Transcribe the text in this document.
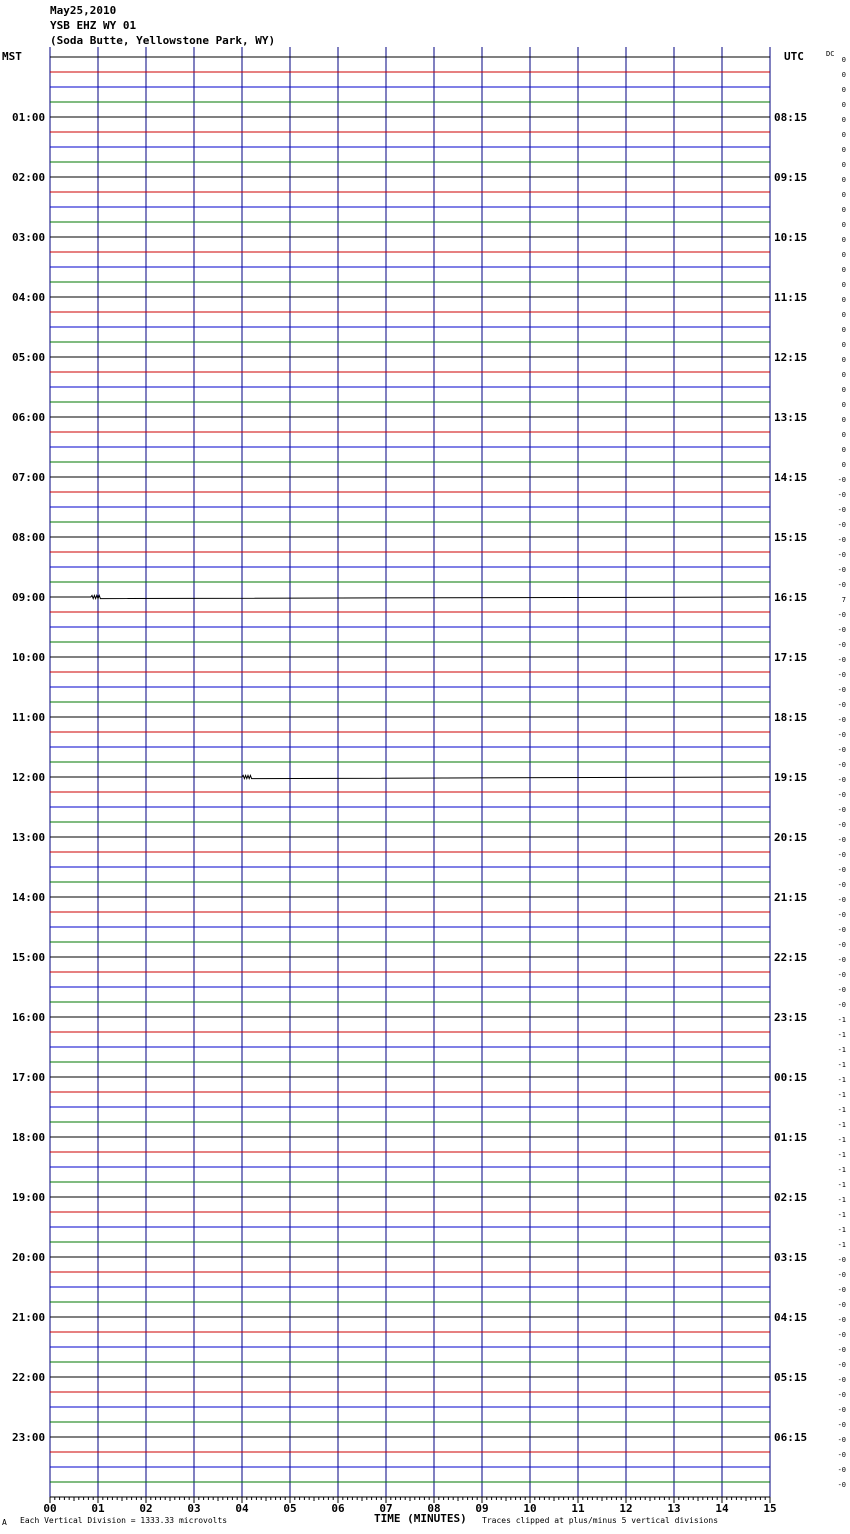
May25,2010
YSB EHZ WY 01
(Soda Butte, Yellowstone Park, WY)
MST	UTC
01:00	08:15
02:00	09:15
03:00	10:15
04:00	11:15
05:00	12:15
06:00	13:15
07:00	14:15
08:00	15:15
09:00	16:15
10:00	17:15
11:00	18:15
12:00	19:15
13:00	20:15
14:00	21:15
15:00	22:15
16:00	23:15
17:00	00:15
18:00	01:15
19:00	02:15
20:00	03:15
21:00	04:15
22:00	05:15
23:00	06:15
DC
0
0
0
0
0
0
0
0
0
0
0
0
0
0
0
0
0
0
0
0
0
0
0
0
0
0
0
0
-0
-0
-0
-0
-0
-0
-0
-0
7
-0
-0
-0
-0
-0
-0
-0
-0
-0
-0
-0
-0
-0
-0
-0
-0
-0
-0
-0
-0
-0
-0
-0
-0
-0
-0
-0
-1
-1
-1
-1
-1
-1
-1
-1
-1
-1
-1
-1
-1
-1
-1
-1
-0
-0
-0
-0
-0
-0
-0
-0
-0
-0
-0
-0
-0
-0
-0
-0
00	01	02	03	04	05	06	07	08	09	10	11	12	13	14	15
A Each Vertical Division = 1333.33 microvolts	TIME (MINUTES) Traces clipped at plus/minus 5 vertical divisions
